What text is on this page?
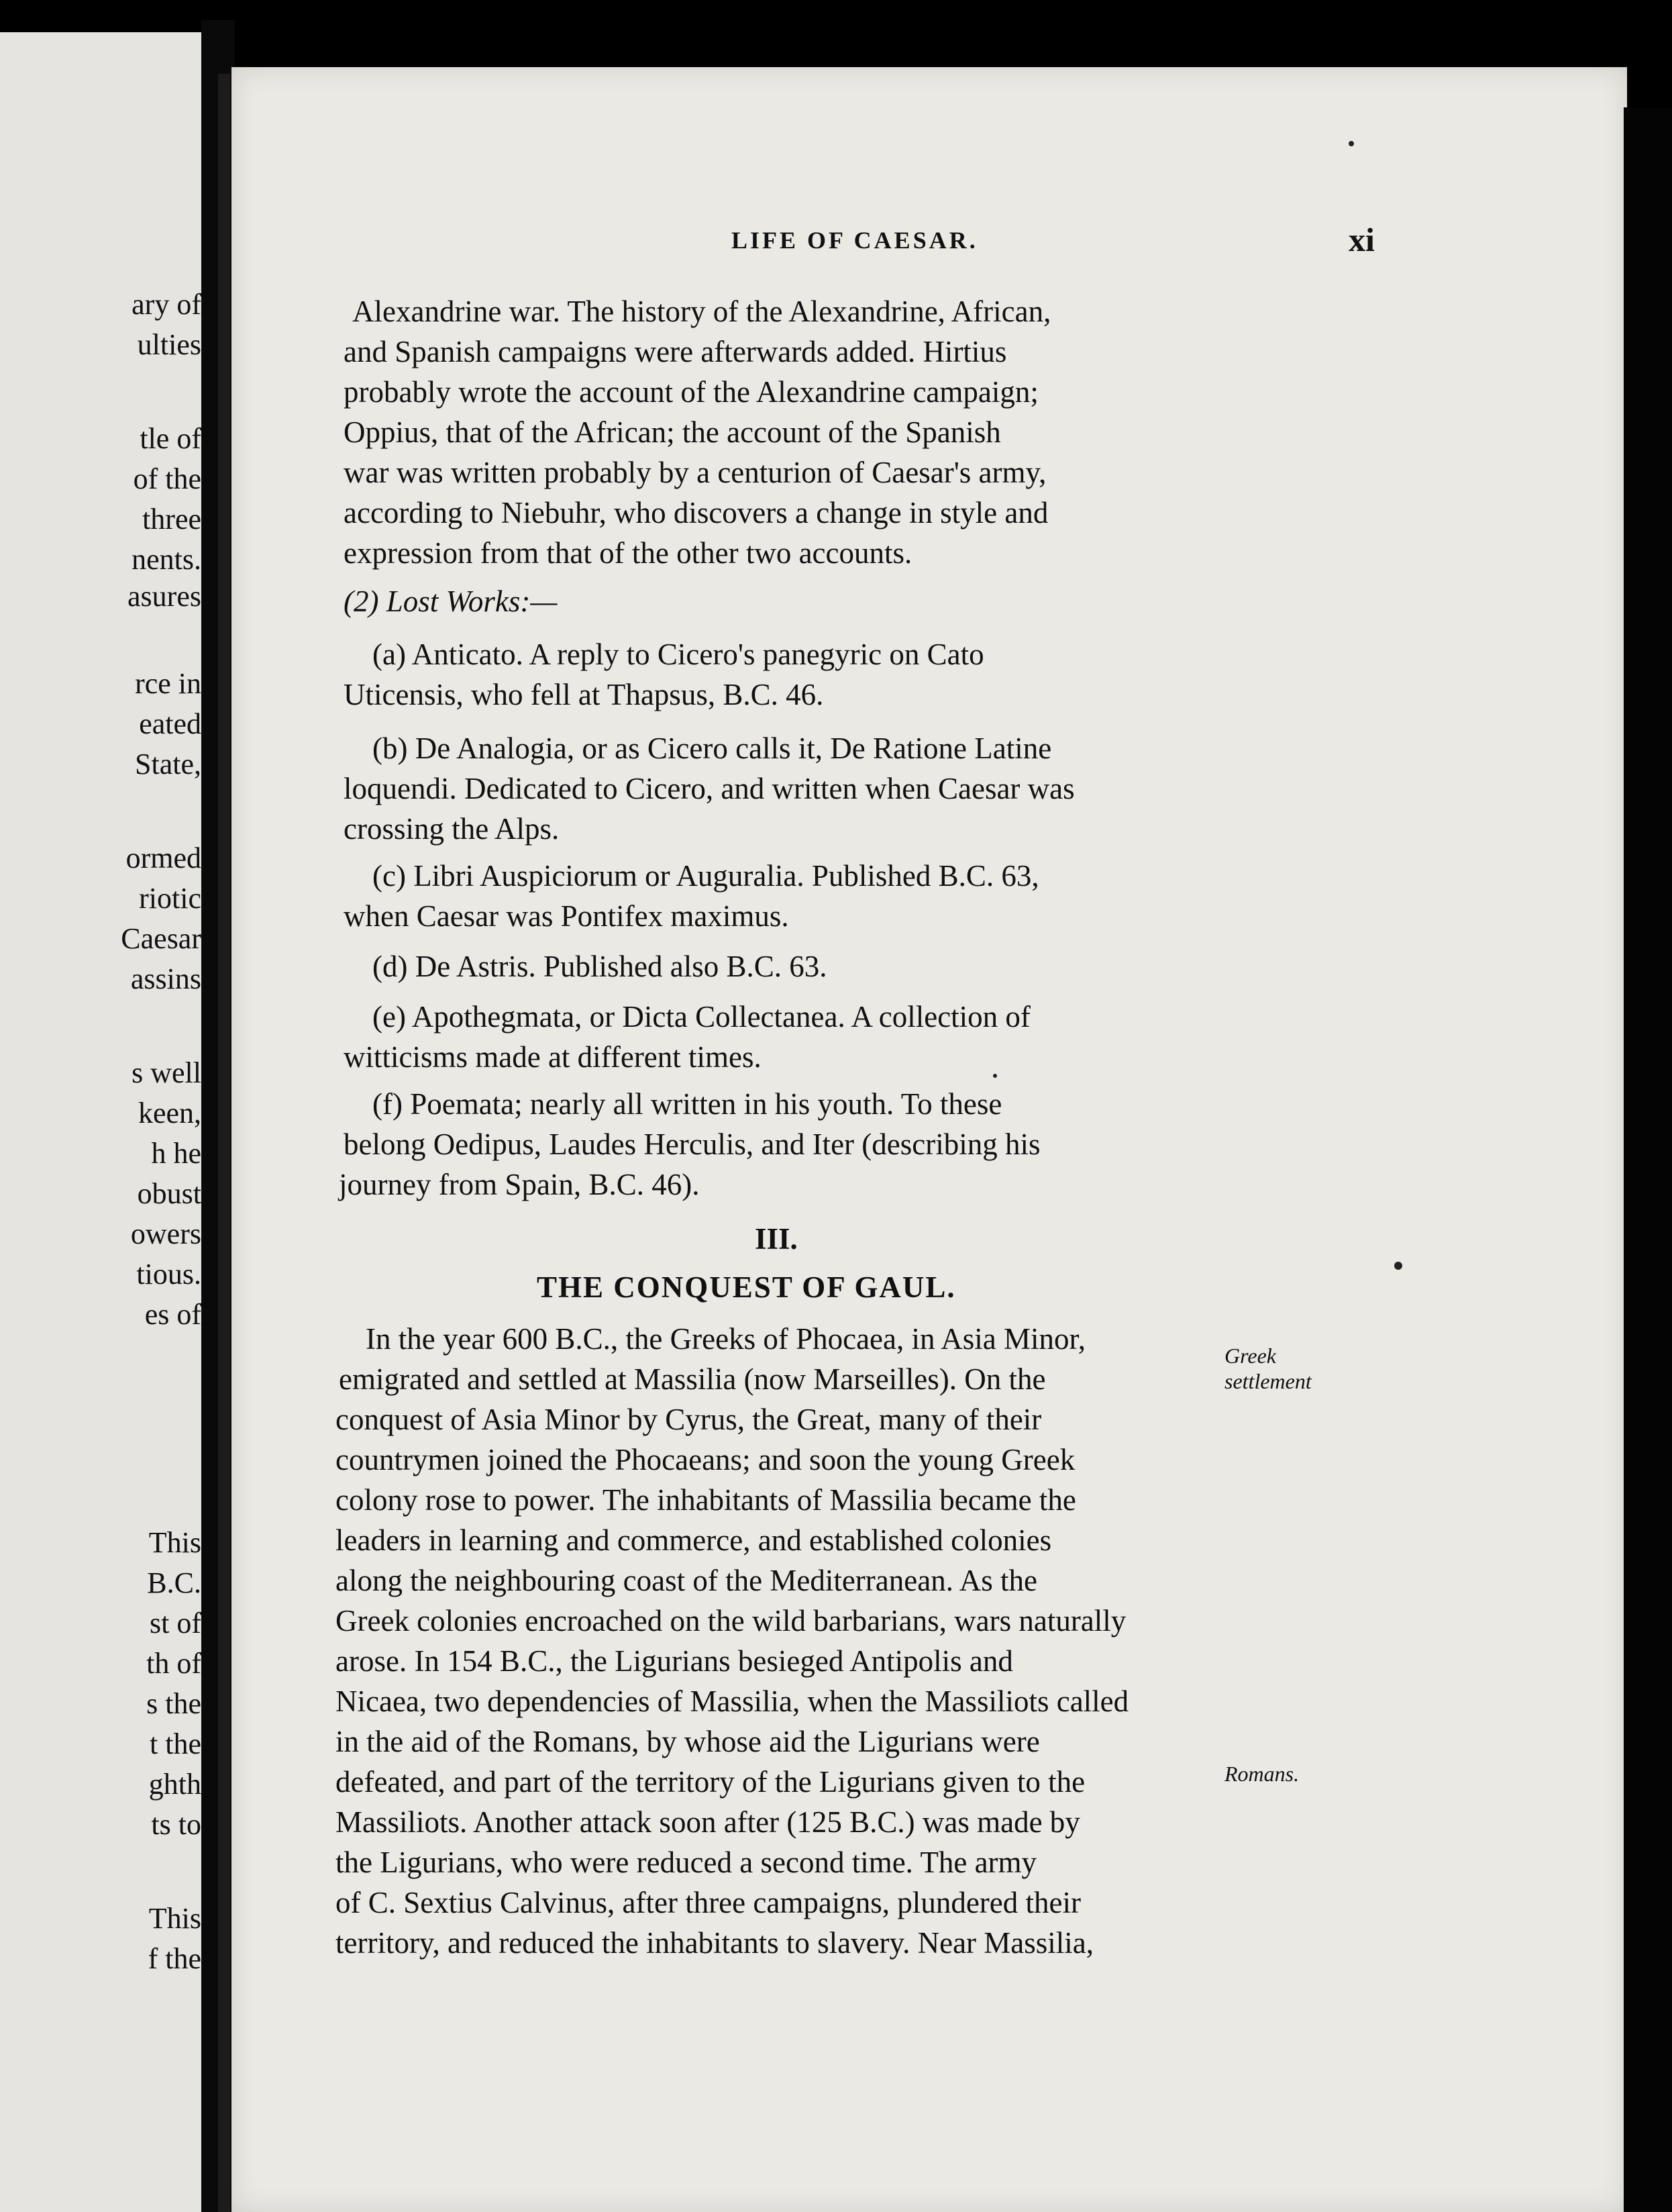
ary of
ulties
tle of
of the
three
nents.
asures
rce in
eated
State,
ormed
riotic
Caesar
assins
s well
keen,
h he
obust
owers
tious.
es of
This
B.C.
st of
th of
s the
t the
ghth
ts to
This
f the
LIFE OF CAESAR.	xi
Alexandrine war. The history of the Alexandrine, African,
and Spanish campaigns were afterwards added. Hirtius
probably wrote the account of the Alexandrine campaign;
Oppius, that of the African; the account of the Spanish
war was written probably by a centurion of Caesar's army,
according to Niebuhr, who discovers a change in style and
expression from that of the other two accounts.
(2) Lost Works:—
(a) Anticato. A reply to Cicero's panegyric on Cato
Uticensis, who fell at Thapsus, B.C. 46.
(b) De Analogia, or as Cicero calls it, De Ratione Latine
loquendi. Dedicated to Cicero, and written when Caesar was
crossing the Alps.
(c) Libri Auspiciorum or Auguralia. Published B.C. 63,
when Caesar was Pontifex maximus.
(d) De Astris. Published also B.C. 63.
(e) Apothegmata, or Dicta Collectanea. A collection of
witticisms made at different times.
(f) Poemata; nearly all written in his youth. To these
belong Oedipus, Laudes Herculis, and Iter (describing his
journey from Spain, B.C. 46).
III.
THE CONQUEST OF GAUL.
In the year 600 B.C., the Greeks of Phocaea, in Asia Minor,
emigrated and settled at Massilia (now Marseilles). On the
conquest of Asia Minor by Cyrus, the Great, many of their
countrymen joined the Phocaeans; and soon the young Greek
colony rose to power. The inhabitants of Massilia became the
leaders in learning and commerce, and established colonies
along the neighbouring coast of the Mediterranean. As the
Greek colonies encroached on the wild barbarians, wars naturally
arose. In 154 B.C., the Ligurians besieged Antipolis and
Nicaea, two dependencies of Massilia, when the Massiliots called
in the aid of the Romans, by whose aid the Ligurians were
defeated, and part of the territory of the Ligurians given to the
Massiliots. Another attack soon after (125 B.C.) was made by
the Ligurians, who were reduced a second time. The army
of C. Sextius Calvinus, after three campaigns, plundered their
territory, and reduced the inhabitants to slavery. Near Massilia,
Greek
settlement
Romans.
